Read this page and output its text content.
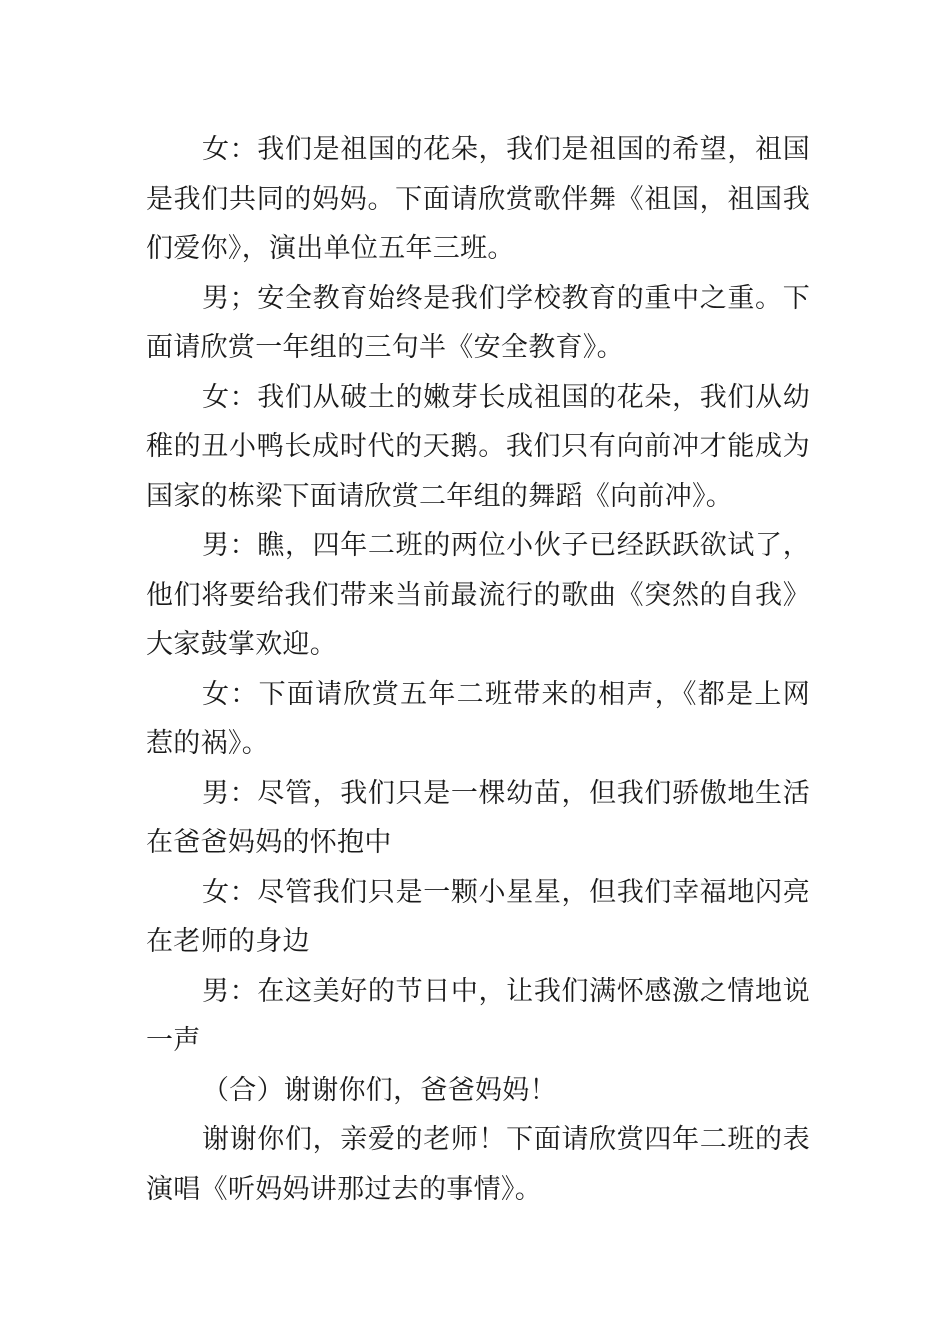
女：我们是祖国的花朵，我们是祖国的希望，祖国是我们共同的妈妈。下面请欣赏歌伴舞《祖国，祖国我们爱你》，演出单位五年三班。

男；安全教育始终是我们学校教育的重中之重。下面请欣赏一年组的三句半《安全教育》。

女：我们从破土的嫩芽长成祖国的花朵，我们从幼稚的丑小鸭长成时代的天鹅。我们只有向前冲才能成为国家的栋梁下面请欣赏二年组的舞蹈《向前冲》。

男：瞧，四年二班的两位小伙子已经跃跃欲试了，他们将要给我们带来当前最流行的歌曲《突然的自我》大家鼓掌欢迎。

女：下面请欣赏五年二班带来的相声，《都是上网惹的祸》。

男：尽管，我们只是一棵幼苗，但我们骄傲地生活在爸爸妈妈的怀抱中

女：尽管我们只是一颗小星星，但我们幸福地闪亮在老师的身边

男：在这美好的节日中，让我们满怀感激之情地说一声

（合）谢谢你们，爸爸妈妈！

谢谢你们，亲爱的老师！下面请欣赏四年二班的表演唱《听妈妈讲那过去的事情》。
